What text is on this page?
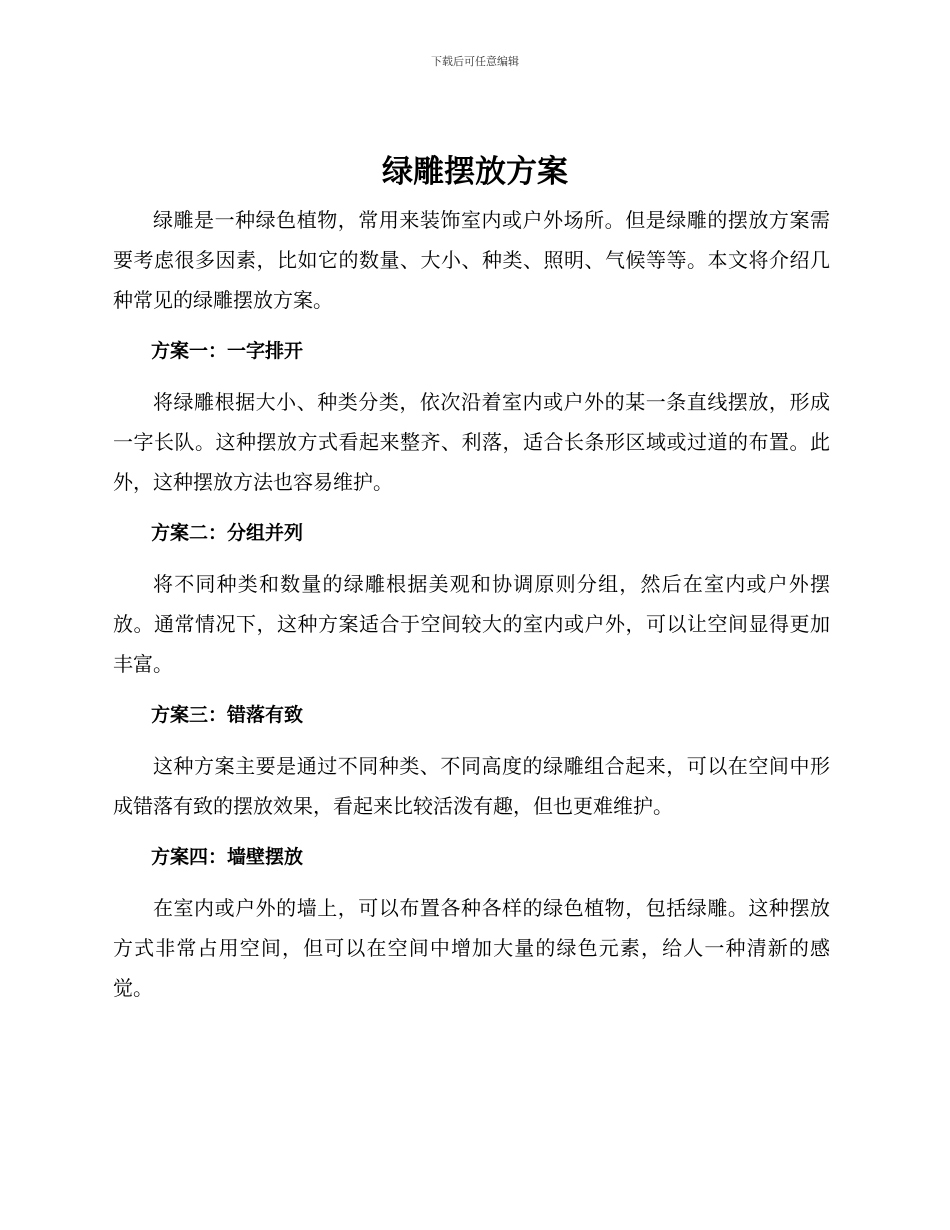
下载后可任意编辑
绿雕摆放方案

绿雕是一种绿色植物，常用来装饰室内或户外场所。但是绿雕的摆放方案需要考虑很多因素，比如它的数量、大小、种类、照明、气候等等。本文将介绍几种常见的绿雕摆放方案。

方案一：一字排开

将绿雕根据大小、种类分类，依次沿着室内或户外的某一条直线摆放，形成一字长队。这种摆放方式看起来整齐、利落，适合长条形区域或过道的布置。此外，这种摆放方法也容易维护。

方案二：分组并列

将不同种类和数量的绿雕根据美观和协调原则分组，然后在室内或户外摆放。通常情况下，这种方案适合于空间较大的室内或户外，可以让空间显得更加丰富。

方案三：错落有致

这种方案主要是通过不同种类、不同高度的绿雕组合起来，可以在空间中形成错落有致的摆放效果，看起来比较活泼有趣，但也更难维护。

方案四：墙壁摆放

在室内或户外的墙上，可以布置各种各样的绿色植物，包括绿雕。这种摆放方式非常占用空间，但可以在空间中增加大量的绿色元素，给人一种清新的感觉。
